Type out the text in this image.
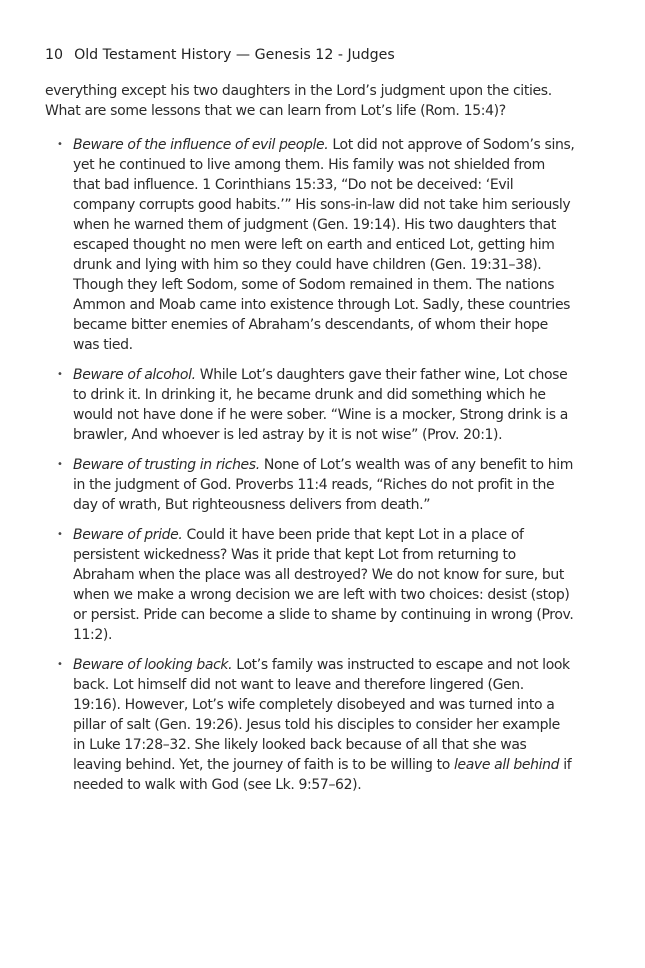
10 Old Testament History — Genesis 12 - Judges

everything except his two daughters in the Lord’s judgment upon the cities. What are some lessons that we can learn from Lot’s life (Rom. 15:4)?

• Beware of the influence of evil people. Lot did not approve of Sodom’s sins, yet he continued to live among them. His family was not shielded from that bad influence. 1 Corinthians 15:33, “Do not be deceived: ‘Evil company corrupts good habits.’” His sons-in-law did not take him seriously when he warned them of judgment (Gen. 19:14). His two daughters that escaped thought no men were left on earth and enticed Lot, getting him drunk and lying with him so they could have children (Gen. 19:31–38). Though they left Sodom, some of Sodom remained in them. The nations Ammon and Moab came into existence through Lot. Sadly, these countries became bitter enemies of Abraham’s descendants, of whom their hope was tied.
• Beware of alcohol. While Lot’s daughters gave their father wine, Lot chose to drink it. In drinking it, he became drunk and did something which he would not have done if he were sober. “Wine is a mocker, Strong drink is a brawler, And whoever is led astray by it is not wise” (Prov. 20:1).
• Beware of trusting in riches. None of Lot’s wealth was of any benefit to him in the judgment of God. Proverbs 11:4 reads, “Riches do not profit in the day of wrath, But righteousness delivers from death.”
• Beware of pride. Could it have been pride that kept Lot in a place of persistent wickedness? Was it pride that kept Lot from returning to Abraham when the place was all destroyed? We do not know for sure, but when we make a wrong decision we are left with two choices: desist (stop) or persist. Pride can become a slide to shame by continuing in wrong (Prov. 11:2).
• Beware of looking back. Lot’s family was instructed to escape and not look back. Lot himself did not want to leave and therefore lingered (Gen. 19:16). However, Lot’s wife completely disobeyed and was turned into a pillar of salt (Gen. 19:26). Jesus told his disciples to consider her example in Luke 17:28–32. She likely looked back because of all that she was leaving behind. Yet, the journey of faith is to be willing to leave all behind if needed to walk with God (see Lk. 9:57–62).
